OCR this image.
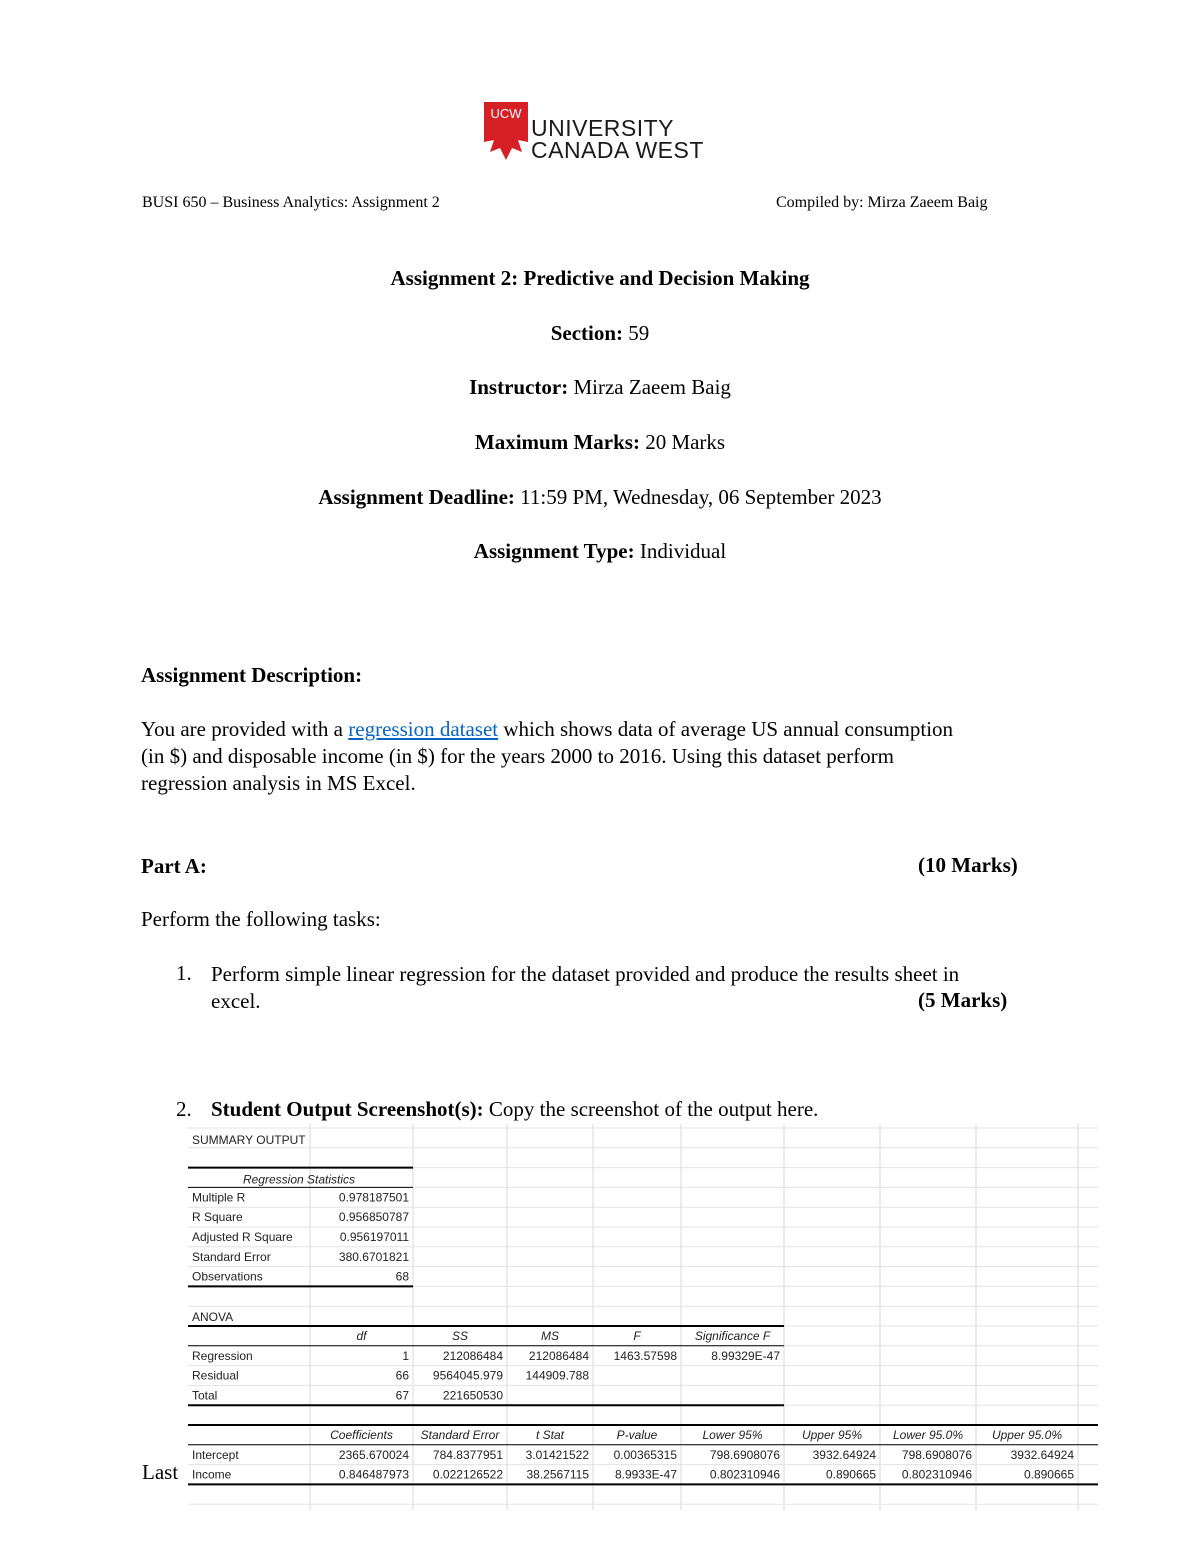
UCW
UNIVERSITY
CANADA WEST
BUSI 650 – Business Analytics: Assignment 2	Compiled by: Mirza Zaeem Baig
Assignment 2: Predictive and Decision Making
Section: 59
Instructor: Mirza Zaeem Baig
Maximum Marks: 20 Marks
Assignment Deadline: 11:59 PM, Wednesday, 06 September 2023
Assignment Type: Individual
Assignment Description:
You are provided with a regression dataset which shows data of average US annual consumption
(in $) and disposable income (in $) for the years 2000 to 2016. Using this dataset perform
regression analysis in MS Excel.
Part A:	(10 Marks)
Perform the following tasks:
1. Perform simple linear regression for the dataset provided and produce the results sheet in
excel.	(5 Marks)
2. Student Output Screenshot(s): Copy the screenshot of the output here.
Last
SUMMARY OUTPUT
Regression Statistics
Multiple R	0.978187501
R Square	0.956850787
Adjusted R Square	0.956197011
Standard Error	380.6701821
Observations	68
ANOVA
df	SS	MS	F	Significance F
Regression	1	212086484 212086484 1463.57598	8.99329E-47
Residual	66 9564045.979 144909.788
Total	67	221650530
Coefficients Standard Error	t Stat	P-value	Lower 95%	Upper 95%	Lower 95.0% Upper 95.0%
Intercept	2365.670024 784.8377951 3.01421522 0.00365315	798.6908076	3932.64924 798.6908076	3932.64924
Income	0.846487973 0.022126522 38.2567115 8.9933E-47	0.802310946	0.890665 0.802310946	0.890665
